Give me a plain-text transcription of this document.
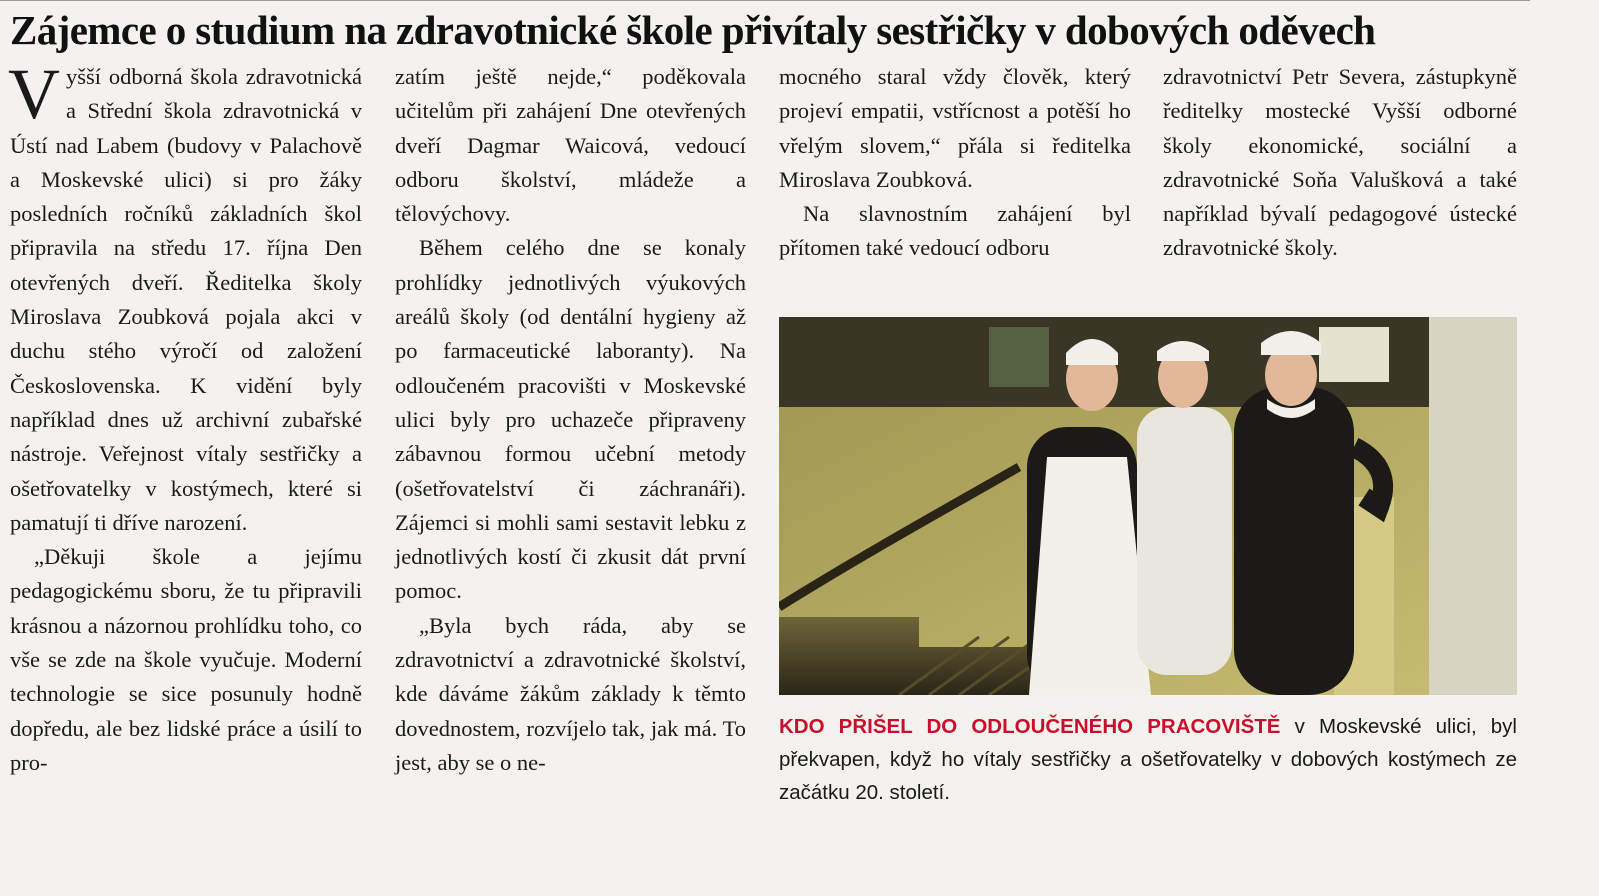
Zájemce o studium na zdravotnické škole přivítaly sestřičky v dobových oděvech

Vyšší odborná škola zdravotnická a Střední škola zdravotnická v Ústí nad Labem (budovy v Palachově a Moskevské ulici) si pro žáky posledních ročníků základních škol připravila na středu 17. října Den otevřených dveří. Ředitelka školy Miroslava Zoubková pojala akci v duchu stého výročí od založení Československa. K vidění byly například dnes už archivní zubařské nástroje. Veřejnost vítaly sestřičky a ošetřovatelky v kostýmech, které si pamatují ti dříve narození.

„Děkuji škole a jejímu pedagogickému sboru, že tu připravili krásnou a názornou prohlídku toho, co vše se zde na škole vyučuje. Moderní technologie se sice posunuly hodně dopředu, ale bez lidské práce a úsilí to pro-

zatím ještě nejde,“ poděkovala učitelům při zahájení Dne otevřených dveří Dagmar Waicová, vedoucí odboru školství, mládeže a tělovýchovy.

Během celého dne se konaly prohlídky jednotlivých výukových areálů školy (od dentální hygieny až po farmaceutické laboranty). Na odloučeném pracovišti v Moskevské ulici byly pro uchazeče připraveny zábavnou formou učební metody (ošetřovatelství či záchranáři). Zájemci si mohli sami sestavit lebku z jednotlivých kostí či zkusit dát první pomoc.

„Byla bych ráda, aby se zdravotnictví a zdravotnické školství, kde dáváme žákům základy k těmto dovednostem, rozvíjelo tak, jak má. To jest, aby se o ne-

mocného staral vždy člověk, který projeví empatii, vstřícnost a potěší ho vřelým slovem,“ přála si ředitelka Miroslava Zoubková.

Na slavnostním zahájení byl přítomen také vedoucí odboru

zdravotnictví Petr Severa, zástupkyně ředitelky mostecké Vyšší odborné školy ekonomické, sociální a zdravotnické Soňa Valušková a také například bývalí pedagogové ústecké zdravotnické školy.

KDO PŘIŠEL DO ODLOUČENÉHO PRACOVIŠTĚ v Moskevské ulici, byl překvapen, když ho vítaly sestřičky a ošetřovatelky v dobových kostýmech ze začátku 20. století.
